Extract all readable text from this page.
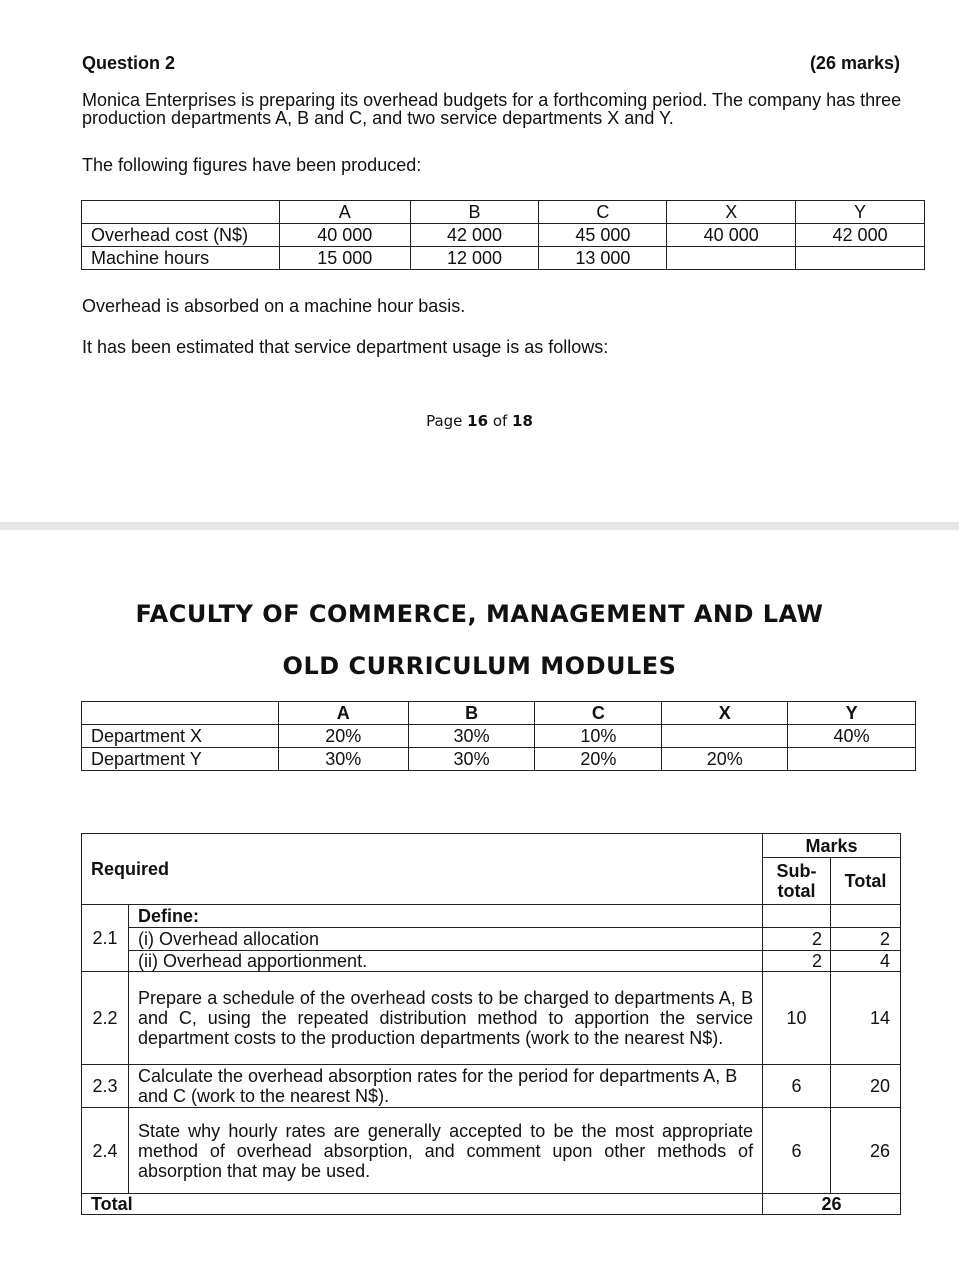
Question 2	(26 marks)
Monica Enterprises is preparing its overhead budgets for a forthcoming period. The company has three production departments A, B and C, and two service departments X and Y.
The following figures have been produced:
	A	B	C	X	Y
Overhead cost (N$)	40 000	42 000	45 000	40 000	42 000
Machine hours	15 000	12 000	13 000		
Overhead is absorbed on a machine hour basis.
It has been estimated that service department usage is as follows:
Page 16 of 18
FACULTY OF COMMERCE, MANAGEMENT AND LAW
OLD CURRICULUM MODULES
	A	B	C	X	Y
Department X	20%	30%	10%		40%
Department Y	30%	30%	20%	20%	
Required		Marks	
		Sub-total	Total
2.1	Define:		
	(i) Overhead allocation	2	2
	(ii) Overhead apportionment.	2	4
2.2	Prepare a schedule of the overhead costs to be charged to departments A, B and C, using the repeated distribution method to apportion the service department costs to the production departments (work to the nearest N$).	10	14
2.3	Calculate the overhead absorption rates for the period for departments A, B and C (work to the nearest N$).	6	20
2.4	State why hourly rates are generally accepted to be the most appropriate method of overhead absorption, and comment upon other methods of absorption that may be used.	6	26
Total		26	
